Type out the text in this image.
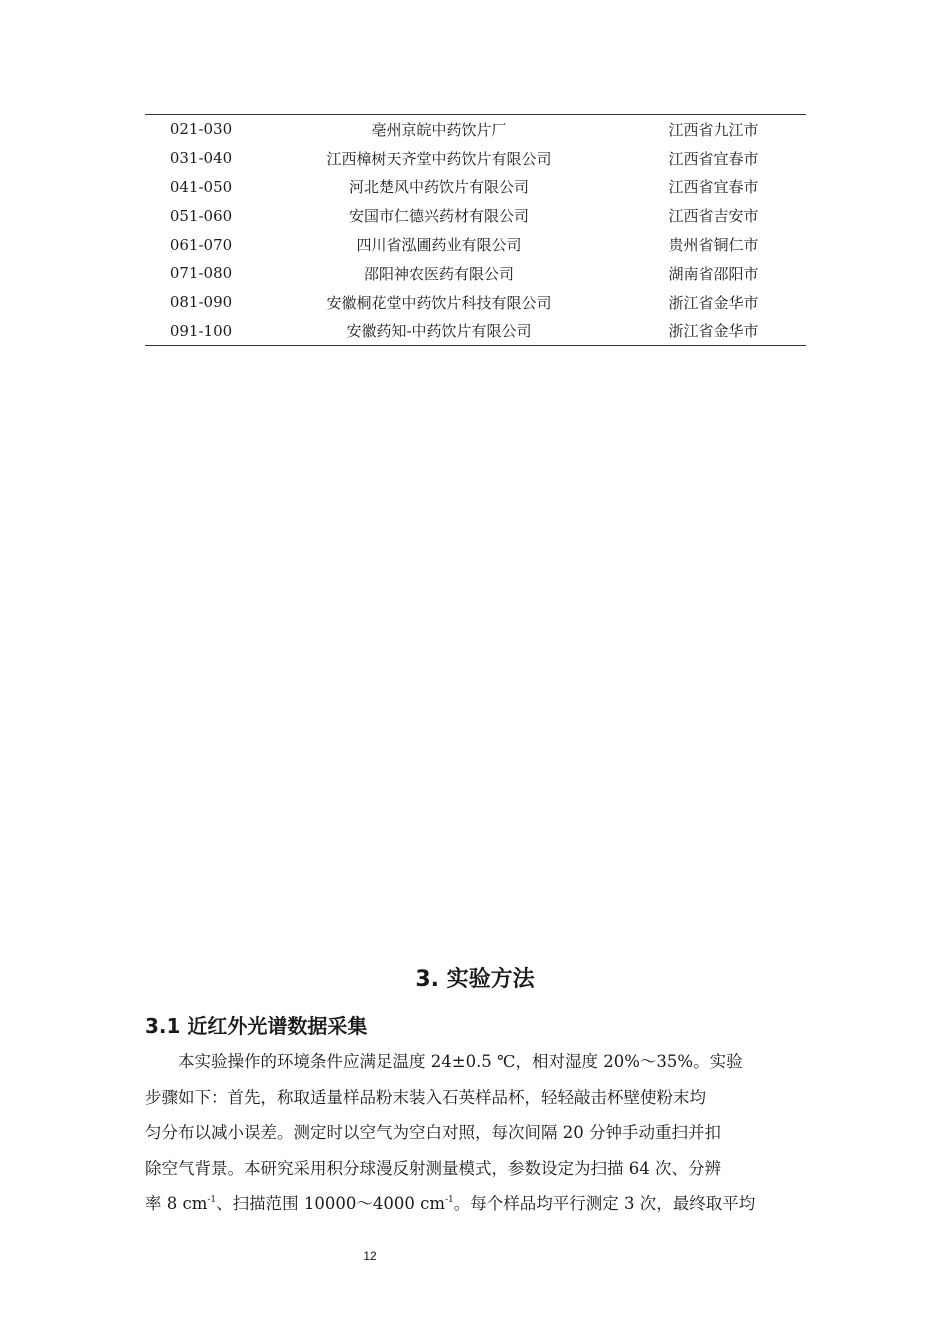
021-030	亳州京皖中药饮片厂	江西省九江市
031-040	江西樟树天齐堂中药饮片有限公司	江西省宜春市
041-050	河北楚风中药饮片有限公司	江西省宜春市
051-060	安国市仁德兴药材有限公司	江西省吉安市
061-070	四川省泓圃药业有限公司	贵州省铜仁市
071-080	邵阳神农医药有限公司	湖南省邵阳市
081-090	安徽桐花堂中药饮片科技有限公司	浙江省金华市
091-100	安徽药知-中药饮片有限公司	浙江省金华市
3. 实验方法
3.1 近红外光谱数据采集
本实验操作的环境条件应满足温度 24±0.5 ℃，相对湿度 20%～35%。实验
步骤如下：首先，称取适量样品粉末装入石英样品杯，轻轻敲击杯壁使粉末均
匀分布以减小误差。测定时以空气为空白对照，每次间隔 20 分钟手动重扫并扣
除空气背景。本研究采用积分球漫反射测量模式，参数设定为扫描 64 次、分辨
率 8 $cm^{-1}$、扫描范围 10000～4000 $cm^{-1}$。每个样品均平行测定 3 次，最终取平均
12
